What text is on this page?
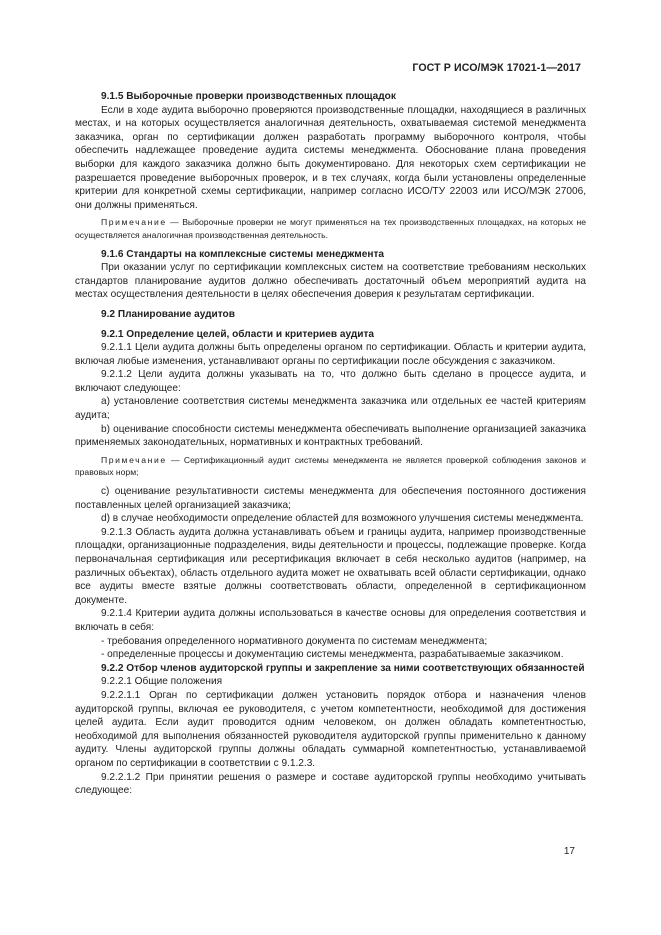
ГОСТ Р ИСО/МЭК 17021-1—2017

9.1.5 Выборочные проверки производственных площадок

Если в ходе аудита выборочно проверяются производственные площадки, находящиеся в различных местах, и на которых осуществляется аналогичная деятельность, охватываемая системой менеджмента заказчика, орган по сертификации должен разработать программу выборочного контроля, чтобы обеспечить надлежащее проведение аудита системы менеджмента. Обоснование плана проведения выборки для каждого заказчика должно быть документировано. Для некоторых схем сертификации не разрешается проведение выборочных проверок, и в тех случаях, когда были установлены определенные критерии для конкретной схемы сертификации, например согласно ИСО/ТУ 22003 или ИСО/МЭК 27006, они должны применяться.

Примечание — Выборочные проверки не могут применяться на тех производственных площадках, на которых не осуществляется аналогичная производственная деятельность.

9.1.6 Стандарты на комплексные системы менеджмента

При оказании услуг по сертификации комплексных систем на соответствие требованиям нескольких стандартов планирование аудитов должно обеспечивать достаточный объем мероприятий аудита на местах осуществления деятельности в целях обеспечения доверия к результатам сертификации.

9.2 Планирование аудитов

9.2.1 Определение целей, области и критериев аудита

9.2.1.1 Цели аудита должны быть определены органом по сертификации. Область и критерии аудита, включая любые изменения, устанавливают органы по сертификации после обсуждения с заказчиком.

9.2.1.2 Цели аудита должны указывать на то, что должно быть сделано в процессе аудита, и включают следующее:

a) установление соответствия системы менеджмента заказчика или отдельных ее частей критериям аудита;

b) оценивание способности системы менеджмента обеспечивать выполнение организацией заказчика применяемых законодательных, нормативных и контрактных требований.

Примечание — Сертификационный аудит системы менеджмента не является проверкой соблюдения законов и правовых норм;

c) оценивание результативности системы менеджмента для обеспечения постоянного достижения поставленных целей организацией заказчика;

d) в случае необходимости определение областей для возможного улучшения системы менеджмента.

9.2.1.3 Область аудита должна устанавливать объем и границы аудита, например производственные площадки, организационные подразделения, виды деятельности и процессы, подлежащие проверке. Когда первоначальная сертификация или ресертификация включает в себя несколько аудитов (например, на различных объектах), область отдельного аудита может не охватывать всей области сертификации, однако все аудиты вместе взятые должны соответствовать области, определенной в сертификационном документе.

9.2.1.4 Критерии аудита должны использоваться в качестве основы для определения соответствия и включать в себя:

- требования определенного нормативного документа по системам менеджмента;

- определенные процессы и документацию системы менеджмента, разрабатываемые заказчиком.

9.2.2 Отбор членов аудиторской группы и закрепление за ними соответствующих обязанностей

9.2.2.1 Общие положения

9.2.2.1.1 Орган по сертификации должен установить порядок отбора и назначения членов аудиторской группы, включая ее руководителя, с учетом компетентности, необходимой для достижения целей аудита. Если аудит проводится одним человеком, он должен обладать компетентностью, необходимой для выполнения обязанностей руководителя аудиторской группы применительно к данному аудиту. Члены аудиторской группы должны обладать суммарной компетентностью, устанавливаемой органом по сертификации в соответствии с 9.1.2.3.

9.2.2.1.2 При принятии решения о размере и составе аудиторской группы необходимо учитывать следующее:

17
